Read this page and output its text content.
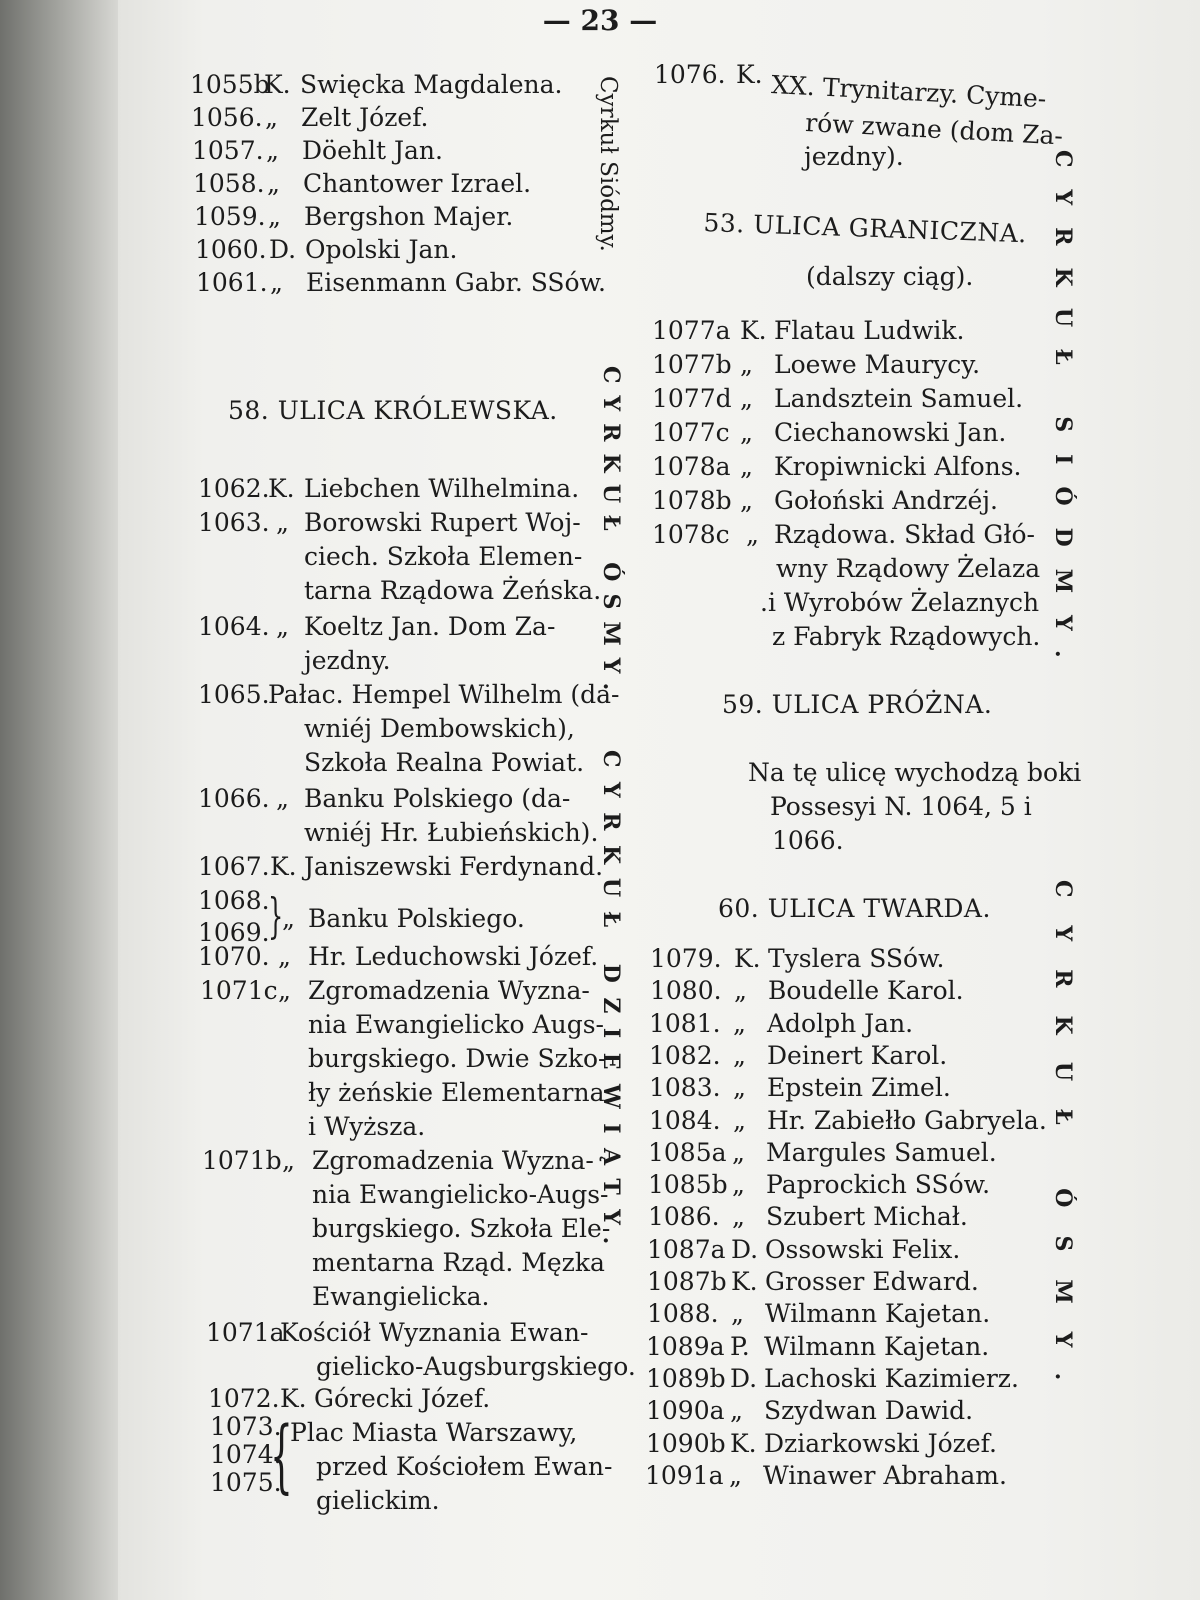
— 23 —
Cyrkuł Siódmy.
CYRKUŁ ÓSMY.
CYRKUŁ DZIEWIĄTY.
CYRKUŁ SIÓDMY.
CYRKUŁ ÓSMY.
1055b
K. Swięcka Magdalena.
1056. „ Zelt Józef.
1057. „ Döehlt Jan.
1058. „ Chantower Izrael.
1059. „ Bergshon Majer.
1060. D. Opolski Jan.
1061. „ Eisenmann Gabr. SSów.
58. ULICA KRÓLEWSKA.
1062.
K. Liebchen Wilhelmina.
1063. „ Borowski Rupert Woj-
ciech. Szkoła Elemen-
tarna Rządowa Żeńska.
1064. „ Koeltz Jan. Dom Za-
jezdny.
1065.
Pałac. Hempel Wilhelm (da-
wniéj Dembowskich),
Szkoła Realna Powiat.
1066. „ Banku Polskiego (da-
wniéj Hr. Łubieńskich).
1067. K. Janiszewski Ferdynand.
1068.
1069.
}
„ Banku Polskiego.
1070. „ Hr. Leduchowski Józef.
1071c „ Zgromadzenia Wyzna-
nia Ewangielicko Augs-
burgskiego. Dwie Szko-
ły żeńskie Elementarna
i Wyższa.
1071b „ Zgromadzenia Wyzna-
nia Ewangielicko-Augs-
burgskiego. Szkoła Ele-
mentarna Rząd. Męzka
Ewangielicka.
1071a
Kościół Wyznania Ewan-
gielicko-Augsburgskiego.
1072. K. Górecki Józef.
1073.
1074.
1075.
{
Plac Miasta Warszawy,
przed Kościołem Ewan-
gielickim.
1076. K. XX. Trynitarzy. Cyme-
rów zwane (dom Za-
jezdny).
53. ULICA GRANICZNA.
(dalszy ciąg).
1077a K. Flatau Ludwik.
1077b „ Loewe Maurycy.
1077d „ Landsztein Samuel.
1077c „ Ciechanowski Jan.
1078a „ Kropiwnicki Alfons.
1078b „ Gołoński Andrzéj.
1078c „ Rządowa. Skład Głó-
wny Rządowy Żelaza
.i Wyrobów Żelaznych
z Fabryk Rządowych.
59. ULICA PRÓŻNA.
Na tę ulicę wychodzą boki
Possesyi N. 1064, 5 i
1066.
60. ULICA TWARDA.
1079. K. Tyslera SSów.
1080. „ Boudelle Karol.
1081. „ Adolph Jan.
1082. „ Deinert Karol.
1083. „ Epstein Zimel.
1084. „ Hr. Zabiełło Gabryela.
1085a „ Margules Samuel.
1085b „ Paprockich SSów.
1086. „ Szubert Michał.
1087a D. Ossowski Felix.
1087b K. Grosser Edward.
1088. „ Wilmann Kajetan.
1089a P. Wilmann Kajetan.
1089b D. Lachoski Kazimierz.
1090a „ Szydwan Dawid.
1090b K. Dziarkowski Józef.
1091a „ Winawer Abraham.
